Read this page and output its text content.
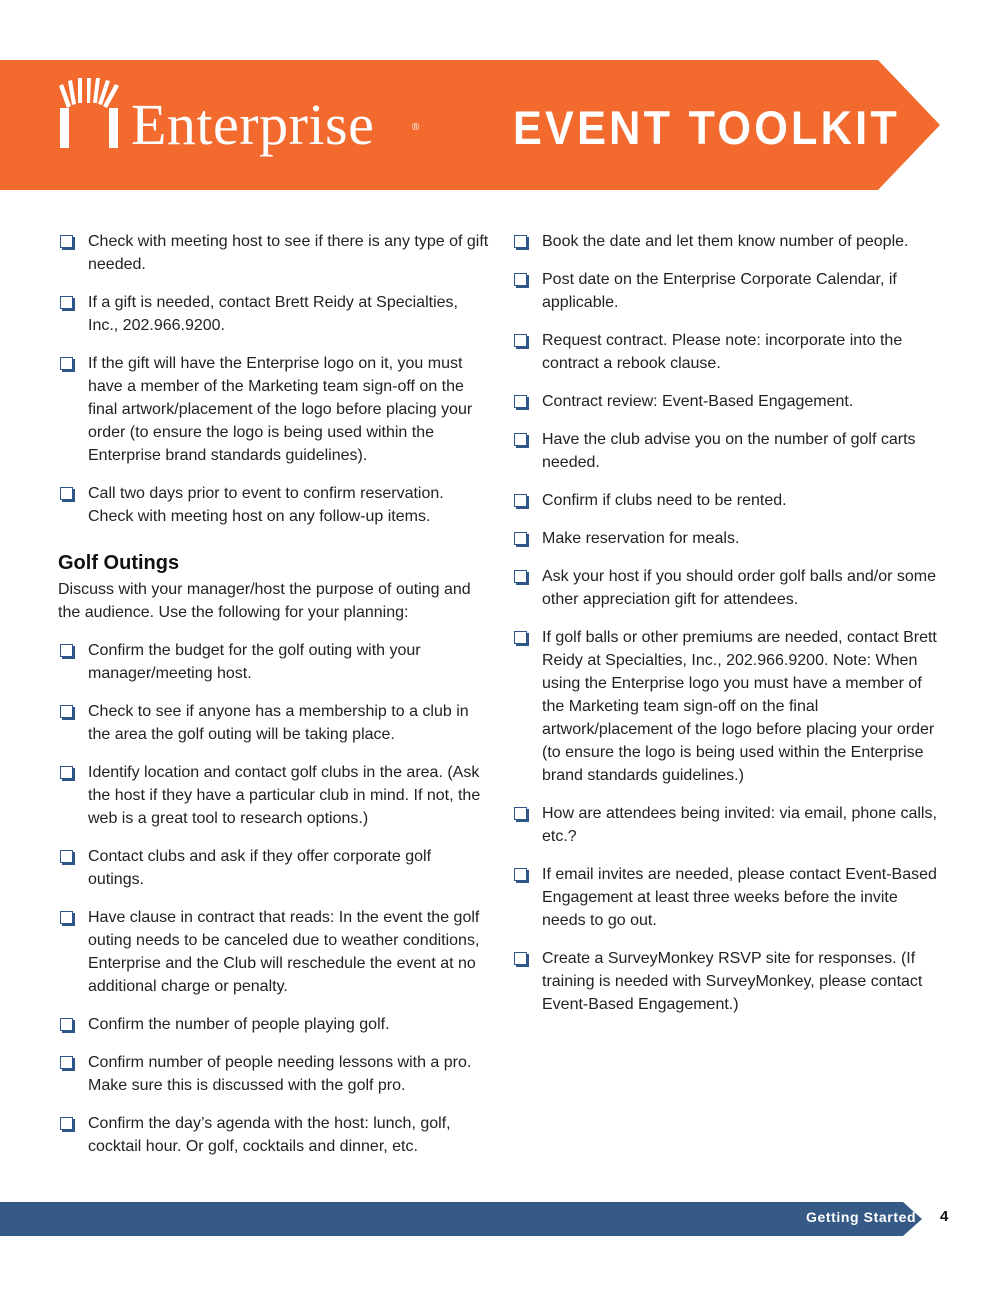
Enterprise	® EVENT TOOLKIT
Check with meeting host to see if there is any type of gift needed.
If a gift is needed, contact Brett Reidy at Specialties, Inc., 202.966.9200.
If the gift will have the Enterprise logo on it, you must have a member of the Marketing team sign-off on the final artwork/placement of the logo before placing your order (to ensure the logo is being used within the Enterprise brand standards guidelines).
Call two days prior to event to confirm reservation. Check with meeting host on any follow-up items.
Golf Outings
Discuss with your manager/host the purpose of outing and the audience. Use the following for your planning:
Confirm the budget for the golf outing with your manager/meeting host.
Check to see if anyone has a membership to a club in the area the golf outing will be taking place.
Identify location and contact golf clubs in the area. (Ask the host if they have a particular club in mind. If not, the web is a great tool to research options.)
Contact clubs and ask if they offer corporate golf outings.
Have clause in contract that reads: In the event the golf outing needs to be canceled due to weather conditions, Enterprise and the Club will reschedule the event at no additional charge or penalty.
Confirm the number of people playing golf.
Confirm number of people needing lessons with a pro. Make sure this is discussed with the golf pro.
Confirm the day’s agenda with the host: lunch, golf, cocktail hour. Or golf, cocktails and dinner, etc.
Book the date and let them know number of people.
Post date on the Enterprise Corporate Calendar, if applicable.
Request contract. Please note: incorporate into the contract a rebook clause.
Contract review: Event-Based Engagement.
Have the club advise you on the number of golf carts needed.
Confirm if clubs need to be rented.
Make reservation for meals.
Ask your host if you should order golf balls and/or some other appreciation gift for attendees.
If golf balls or other premiums are needed, contact Brett Reidy at Specialties, Inc., 202.966.9200. Note: When using the Enterprise logo you must have a member of the Marketing team sign-off on the final artwork/placement of the logo before placing your order (to ensure the logo is being used within the Enterprise brand standards guidelines.)
How are attendees being invited: via email, phone calls, etc.?
If email invites are needed, please contact Event-Based Engagement at least three weeks before the invite needs to go out.
Create a SurveyMonkey RSVP site for responses. (If training is needed with SurveyMonkey, please contact Event-Based Engagement.)
Getting Started 4
